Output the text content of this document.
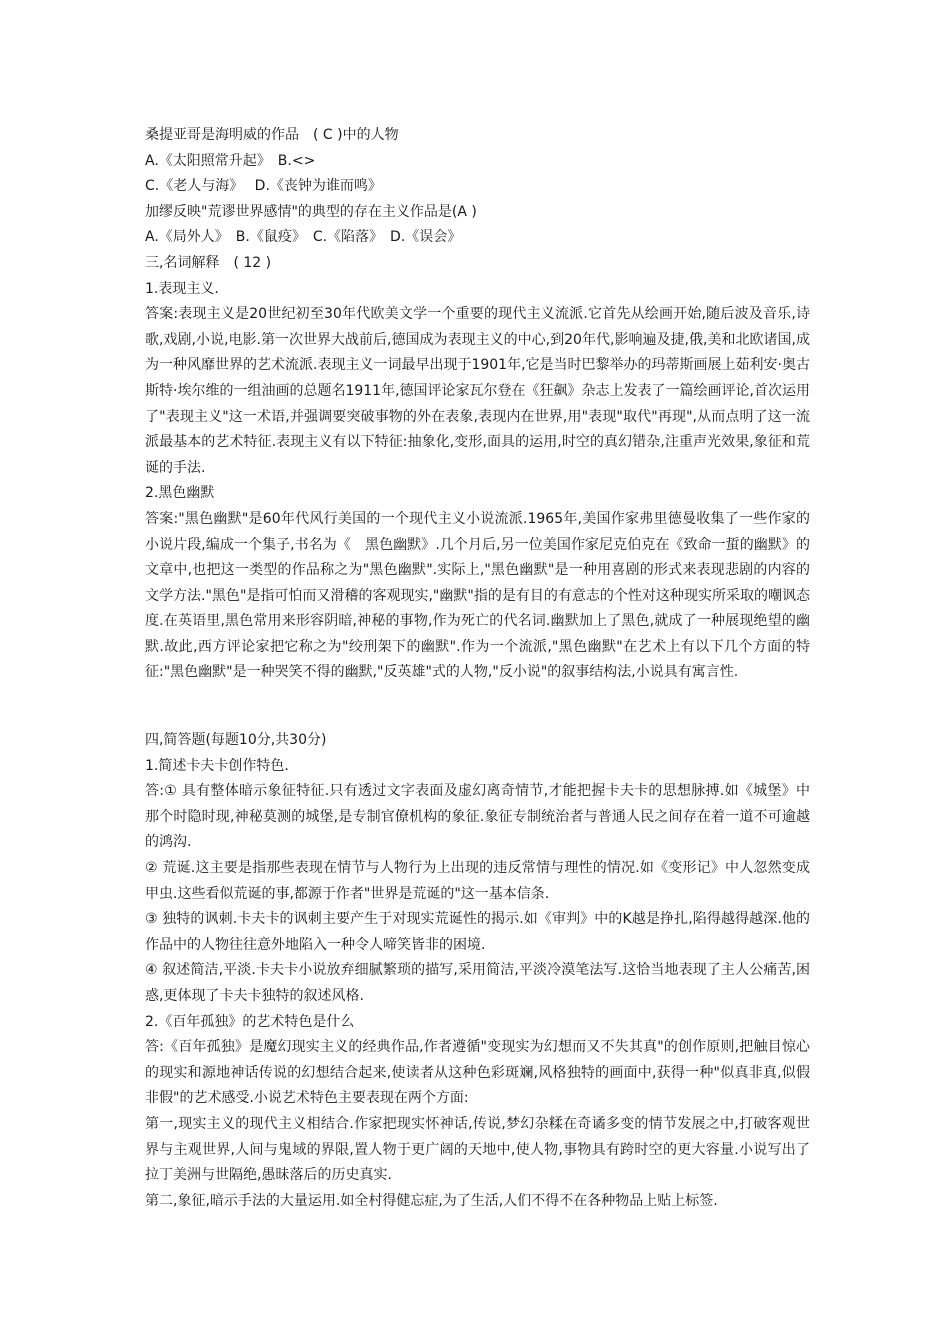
桑提亚哥是海明威的作品　( C )中的人物
A.《太阳照常升起》　B.<>
C.《老人与海》　 D.《丧钟为谁而鸣》
加缪反映"荒谬世界感情"的典型的存在主义作品是(A )
A.《局外人》　B.《鼠疫》　C.《陷落》　D.《误会》
三,名词解释　( 12 )
1.表现主义.
答案:表现主义是20世纪初至30年代欧美文学一个重要的现代主义流派.它首先从绘画开始,随后波及音乐,诗歌,戏剧,小说,电影.第一次世界大战前后,德国成为表现主义的中心,到20年代,影响遍及捷,俄,美和北欧诸国,成为一种风靡世界的艺术流派.表现主义一词最早出现于1901年,它是当时巴黎举办的玛蒂斯画展上茹利安·奥古斯特·埃尔维的一组油画的总题名1911年,德国评论家瓦尔登在《狂飙》杂志上发表了一篇绘画评论,首次运用了"表现主义"这一术语,并强调要突破事物的外在表象,表现内在世界,用"表现"取代"再现",从而点明了这一流派最基本的艺术特征.表现主义有以下特征:抽象化,变形,面具的运用,时空的真幻错杂,注重声光效果,象征和荒诞的手法.
2.黑色幽默
答案:"黑色幽默"是60年代风行美国的一个现代主义小说流派.1965年,美国作家弗里德曼收集了一些作家的小说片段,编成一个集子,书名为《　黑色幽默》.几个月后,另一位美国作家尼克伯克在《致命一蜇的幽默》的文章中,也把这一类型的作品称之为"黑色幽默".实际上,"黑色幽默"是一种用喜剧的形式来表现悲剧的内容的文学方法."黑色"是指可怕而又滑稽的客观现实,"幽默"指的是有目的有意志的个性对这种现实所采取的嘲讽态度.在英语里,黑色常用来形容阴暗,神秘的事物,作为死亡的代名词.幽默加上了黑色,就成了一种展现绝望的幽默.故此,西方评论家把它称之为"绞刑架下的幽默".作为一个流派,"黑色幽默"在艺术上有以下几个方面的特征:"黑色幽默"是一种哭笑不得的幽默,"反英雄"式的人物,"反小说"的叙事结构法,小说具有寓言性.
四,简答题(每题10分,共30分)
1.简述卡夫卡创作特色.
答:① 具有整体暗示象征特征.只有透过文字表面及虚幻离奇情节,才能把握卡夫卡的思想脉搏.如《城堡》中那个时隐时现,神秘莫测的城堡,是专制官僚机构的象征.象征专制统治者与普通人民之间存在着一道不可逾越的鸿沟.
② 荒诞.这主要是指那些表现在情节与人物行为上出现的违反常情与理性的情况.如《变形记》中人忽然变成甲虫.这些看似荒诞的事,都源于作者"世界是荒诞的"这一基本信条.
③ 独特的讽刺.卡夫卡的讽刺主要产生于对现实荒诞性的揭示.如《审判》中的K越是挣扎,陷得越得越深.他的作品中的人物往往意外地陷入一种令人啼笑皆非的困境.
④ 叙述简洁,平淡.卡夫卡小说放弃细腻繁琐的描写,采用简洁,平淡冷漠笔法写.这恰当地表现了主人公痛苦,困惑,更体现了卡夫卡独特的叙述风格.
2.《百年孤独》的艺术特色是什么
答:《百年孤独》是魔幻现实主义的经典作品,作者遵循"变现实为幻想而又不失其真"的创作原则,把触目惊心的现实和源地神话传说的幻想结合起来,使读者从这种色彩斑斓,风格独特的画面中,获得一种"似真非真,似假非假"的艺术感受.小说艺术特色主要表现在两个方面:
第一,现实主义的现代主义相结合.作家把现实怀神话,传说,梦幻杂糅在奇谲多变的情节发展之中,打破客观世界与主观世界,人间与鬼域的界限,置人物于更广阔的天地中,使人物,事物具有跨时空的更大容量.小说写出了拉丁美洲与世隔绝,愚昧落后的历史真实.
第二,象征,暗示手法的大量运用.如全村得健忘症,为了生活,人们不得不在各种物品上贴上标签.
